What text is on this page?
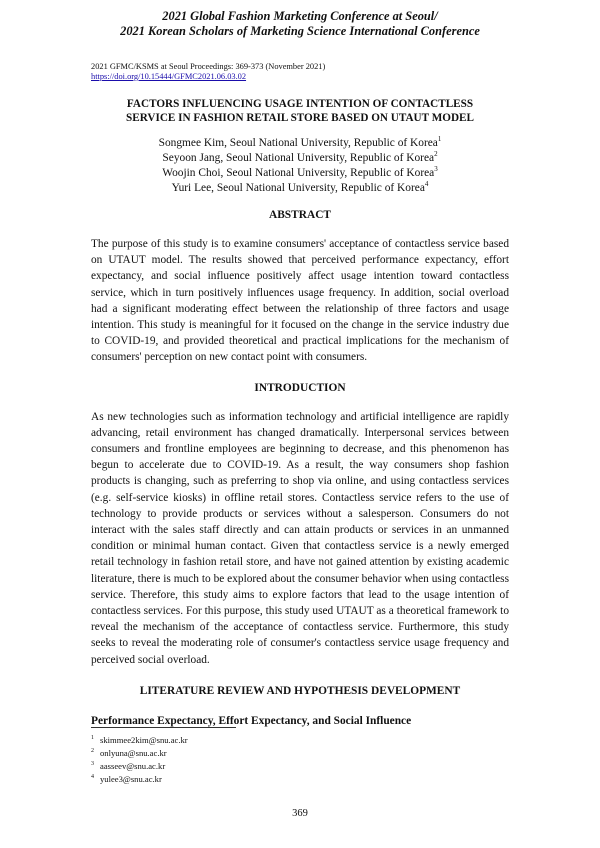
2021 Global Fashion Marketing Conference at Seoul/
2021 Korean Scholars of Marketing Science International Conference
2021 GFMC/KSMS at Seoul Proceedings: 369-373 (November 2021)
https://doi.org/10.15444/GFMC2021.06.03.02
FACTORS INFLUENCING USAGE INTENTION OF CONTACTLESS
SERVICE IN FASHION RETAIL STORE BASED ON UTAUT MODEL
Songmee Kim, Seoul National University, Republic of Korea$^1$
Seyoon Jang, Seoul National University, Republic of Korea$^2$
Woojin Choi, Seoul National University, Republic of Korea$^3$
Yuri Lee, Seoul National University, Republic of Korea$^4$
ABSTRACT
The purpose of this study is to examine consumers' acceptance of contactless service based on UTAUT model. The results showed that perceived performance expectancy, effort expectancy, and social influence positively affect usage intention toward contactless service, which in turn positively influences usage frequency. In addition, social overload had a significant moderating effect between the relationship of three factors and usage intention. This study is meaningful for it focused on the change in the service industry due to COVID-19, and provided theoretical and practical implications for the mechanism of consumers' perception on new contact point with consumers.
INTRODUCTION
As new technologies such as information technology and artificial intelligence are rapidly advancing, retail environment has changed dramatically. Interpersonal services between consumers and frontline employees are beginning to decrease, and this phenomenon has begun to accelerate due to COVID-19. As a result, the way consumers shop fashion products is changing, such as preferring to shop via online, and using contactless services (e.g. self-service kiosks) in offline retail stores. Contactless service refers to the use of technology to provide products or services without a salesperson. Consumers do not interact with the sales staff directly and can attain products or services in an unmanned condition or minimal human contact. Given that contactless service is a newly emerged retail technology in fashion retail store, and have not gained attention by existing academic literature, there is much to be explored about the consumer behavior when using contactless service. Therefore, this study aims to explore factors that lead to the usage intention of contactless services. For this purpose, this study used UTAUT as a theoretical framework to reveal the mechanism of the acceptance of contactless service. Furthermore, this study seeks to reveal the moderating role of consumer's contactless service usage frequency and perceived social overload.
LITERATURE REVIEW AND HYPOTHESIS DEVELOPMENT
Performance Expectancy, Effort Expectancy, and Social Influence
$^1$ skimmee2kim@snu.ac.kr
$^2$ onlyuna@snu.ac.kr
$^3$ aasseev@snu.ac.kr
$^4$ yulee3@snu.ac.kr
369
